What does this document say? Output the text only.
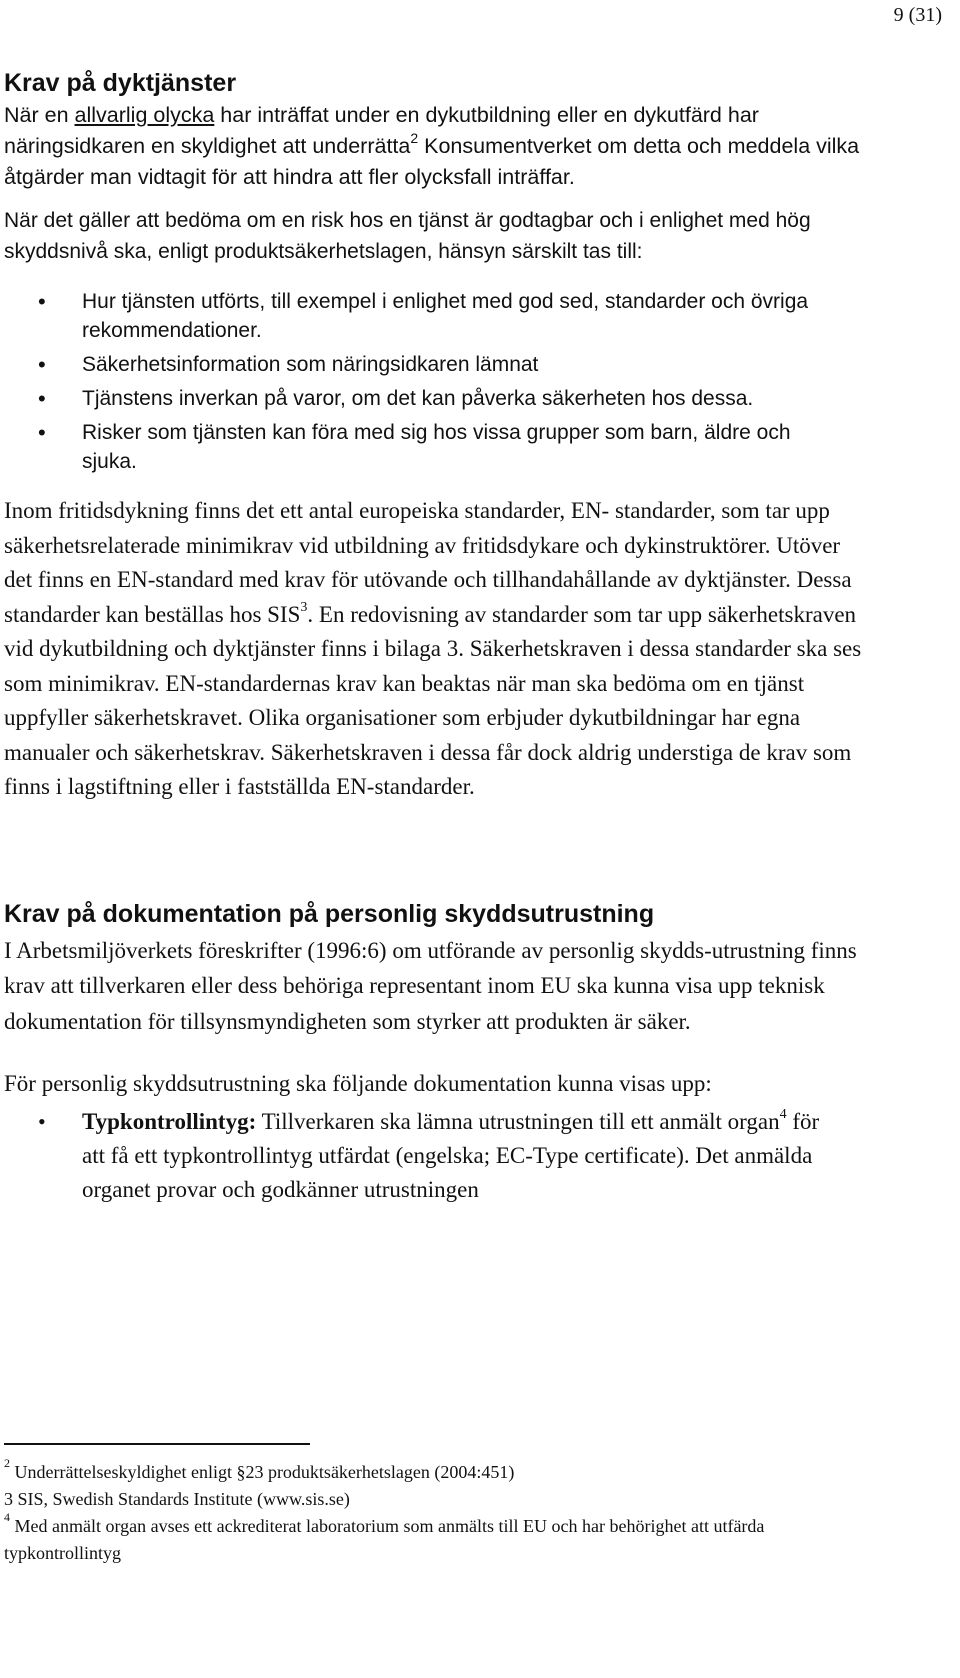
9 (31)
Krav på dyktjänster

När en allvarlig olycka har inträffat under en dykutbildning eller en dykutfärd har näringsidkaren en skyldighet att underrätta$^2$ Konsumentverket om detta och meddela vilka åtgärder man vidtagit för att hindra att fler olycksfall inträffar.

När det gäller att bedöma om en risk hos en tjänst är godtagbar och i enlighet med hög skyddsnivå ska, enligt produktsäkerhetslagen, hänsyn särskilt tas till:

• Hur tjänsten utförts, till exempel i enlighet med god sed, standarder och övriga rekommendationer.
• Säkerhetsinformation som näringsidkaren lämnat
• Tjänstens inverkan på varor, om det kan påverka säkerheten hos dessa.
• Risker som tjänsten kan föra med sig hos vissa grupper som barn, äldre och sjuka.

Inom fritidsdykning finns det ett antal europeiska standarder, EN- standarder, som tar upp säkerhetsrelaterade minimikrav vid utbildning av fritidsdykare och dykinstruktörer. Utöver det finns en EN-standard med krav för utövande och tillhandahållande av dyktjänster. Dessa standarder kan beställas hos SIS$^3$. En redovisning av standarder som tar upp säkerhetskraven vid dykutbildning och dyktjänster finns i bilaga 3. Säkerhetskraven i dessa standarder ska ses som minimikrav. EN-standardernas krav kan beaktas när man ska bedöma om en tjänst uppfyller säkerhetskravet. Olika organisationer som erbjuder dykutbildningar har egna manualer och säkerhetskrav. Säkerhetskraven i dessa får dock aldrig understiga de krav som finns i lagstiftning eller i fastställda EN-standarder.

Krav på dokumentation på personlig skyddsutrustning

I Arbetsmiljöverkets föreskrifter (1996:6) om utförande av personlig skydds-utrustning finns krav att tillverkaren eller dess behöriga representant inom EU ska kunna visa upp teknisk dokumentation för tillsynsmyndigheten som styrker att produkten är säker.

För personlig skyddsutrustning ska följande dokumentation kunna visas upp:

• Typkontrollintyg: Tillverkaren ska lämna utrustningen till ett anmält organ$^4$ för att få ett typkontrollintyg utfärdat (engelska; EC-Type certificate). Det anmälda organet provar och godkänner utrustningen
$^2$ Underrättelseskyldighet enligt §23 produktsäkerhetslagen (2004:451)
3 SIS, Swedish Standards Institute (www.sis.se)
$^4$ Med anmält organ avses ett ackrediterat laboratorium som anmälts till EU och har behörighet att utfärda typkontrollintyg
